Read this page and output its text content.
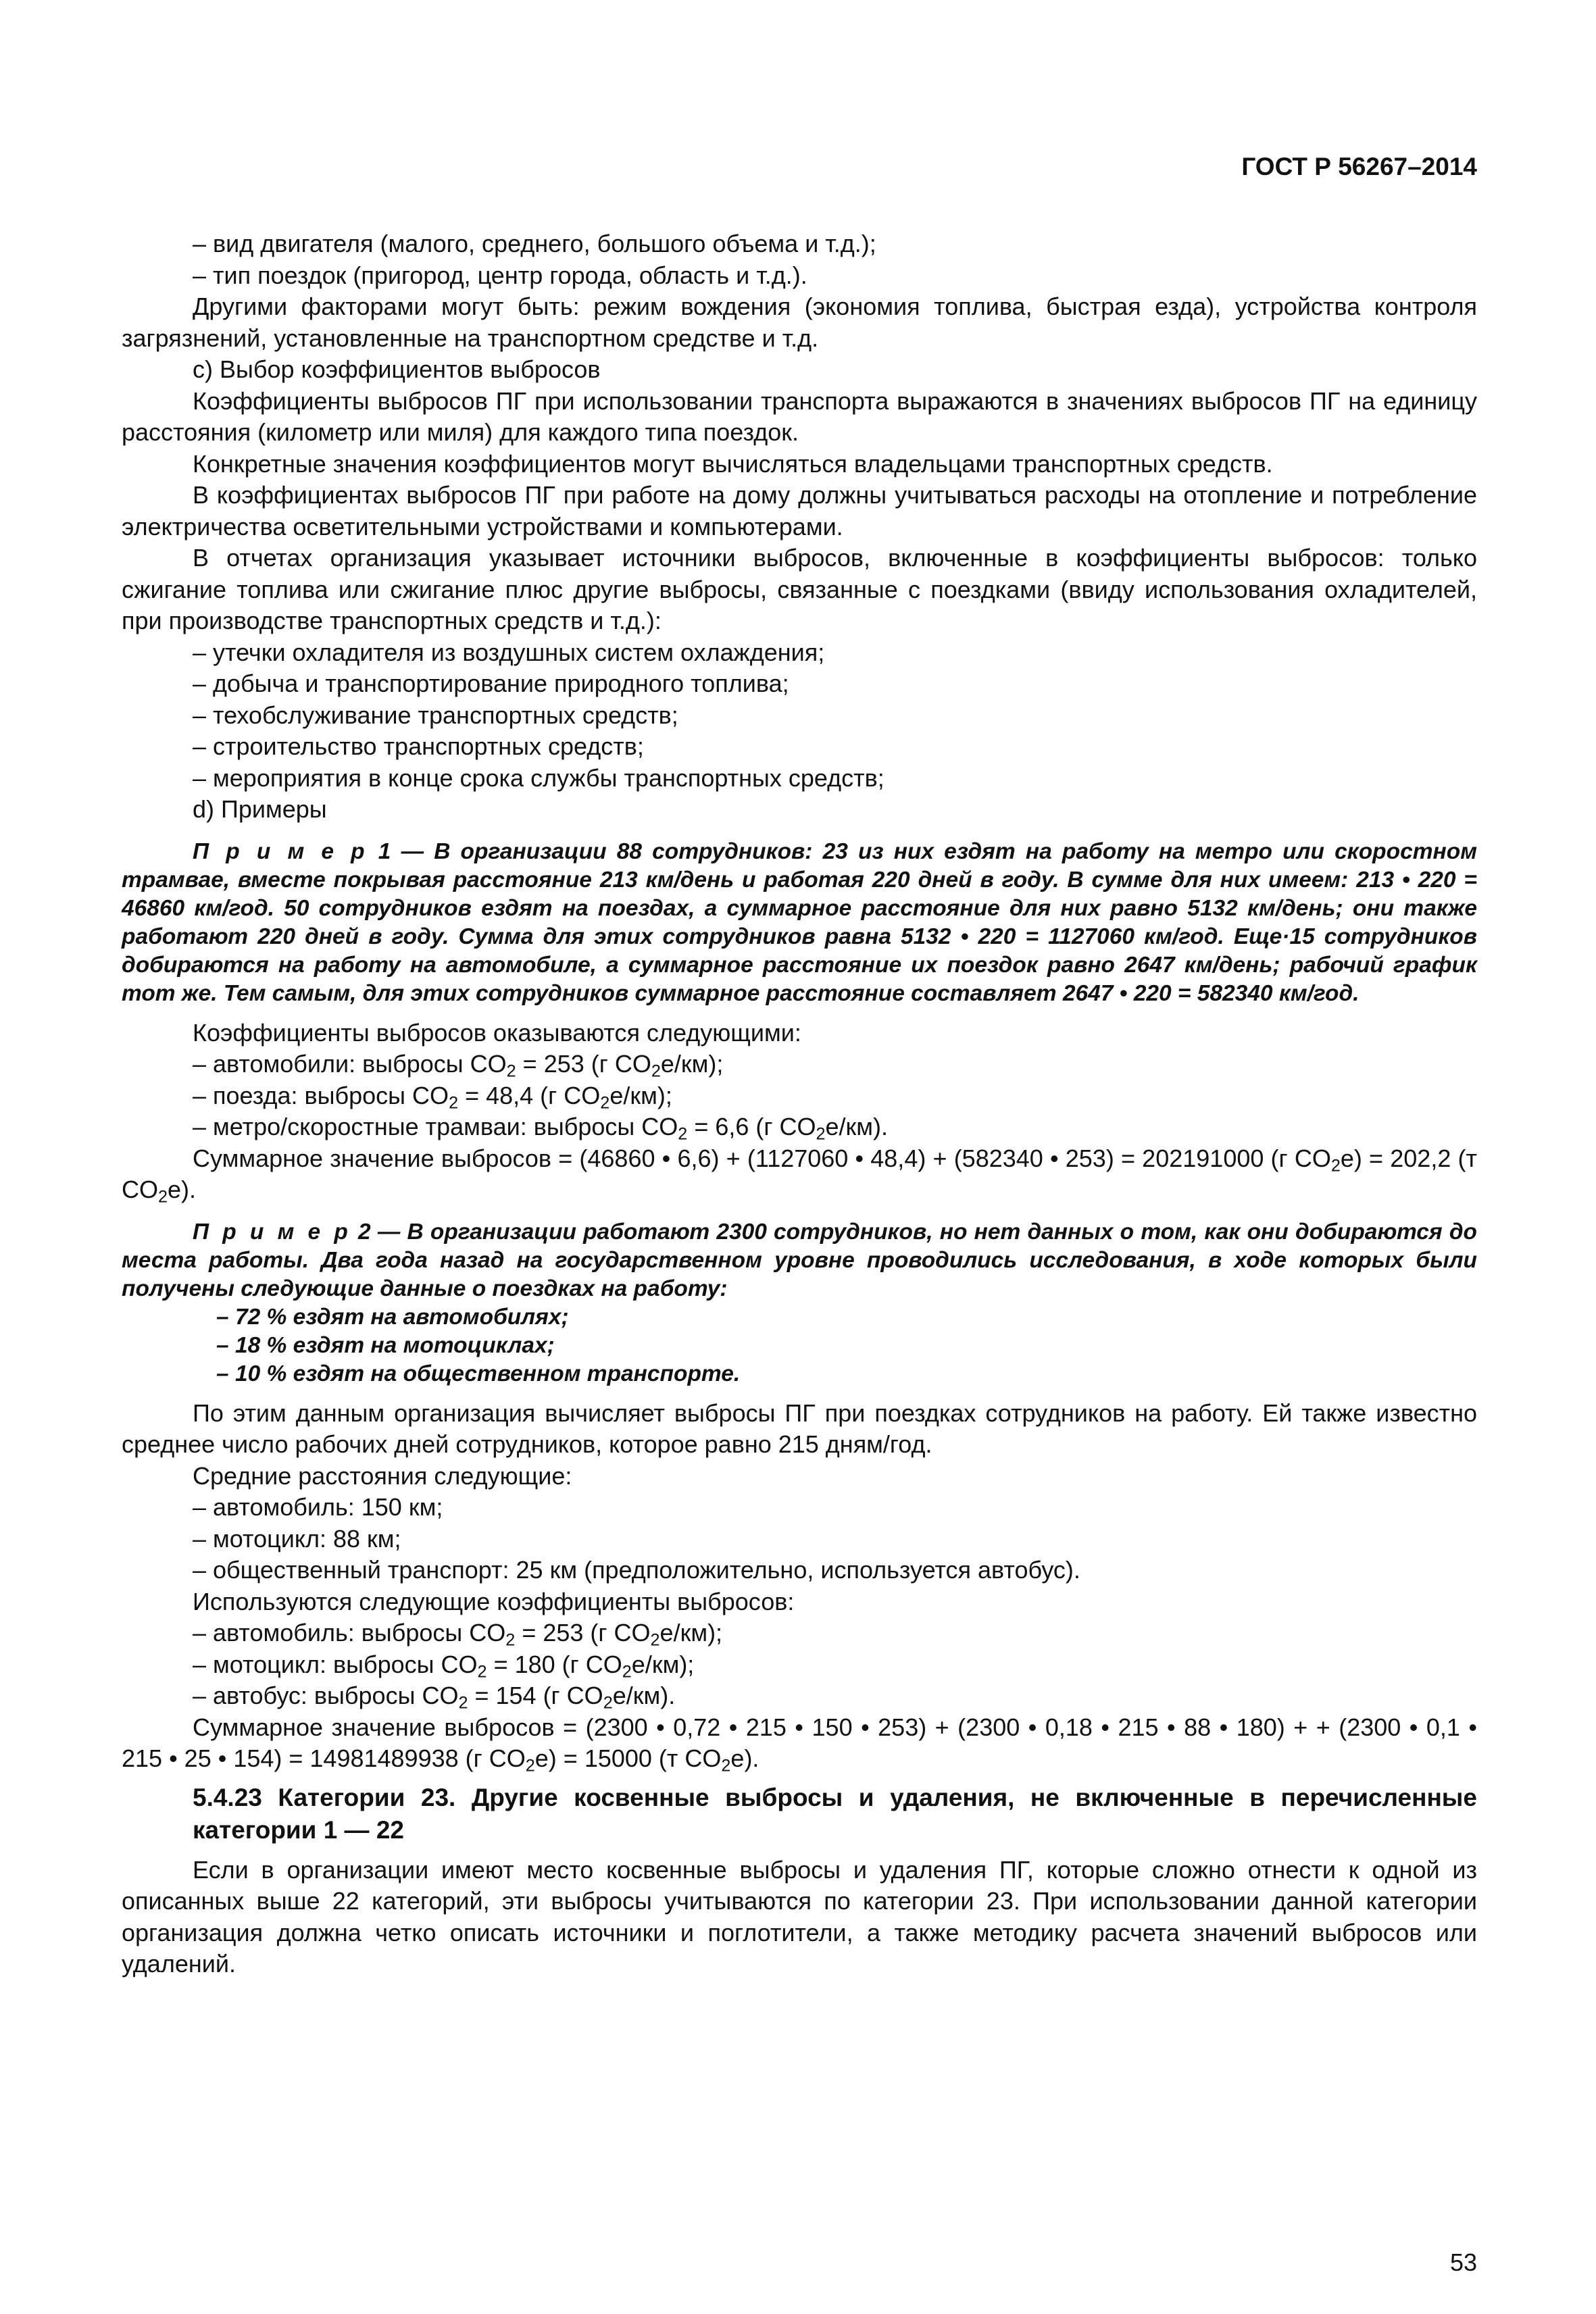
ГОСТ Р 56267–2014

– вид двигателя (малого, среднего, большого объема и т.д.);

– тип поездок (пригород, центр города, область и т.д.).

Другими факторами могут быть: режим вождения (экономия топлива, быстрая езда), устройства контроля загрязнений, установленные на транспортном средстве и т.д.

c) Выбор коэффициентов выбросов

Коэффициенты выбросов ПГ при использовании транспорта выражаются в значениях выбросов ПГ на единицу расстояния (километр или миля) для каждого типа поездок.

Конкретные значения коэффициентов могут вычисляться владельцами транспортных средств.

В коэффициентах выбросов ПГ при работе на дому должны учитываться расходы на отопление и потребление электричества осветительными устройствами и компьютерами.

В отчетах организация указывает источники выбросов, включенные в коэффициенты выбросов: только сжигание топлива или сжигание плюс другие выбросы, связанные с поездками (ввиду использования охладителей, при производстве транспортных средств и т.д.):

– утечки охладителя из воздушных систем охлаждения;

– добыча и транспортирование природного топлива;

– техобслуживание транспортных средств;

– строительство транспортных средств;

– мероприятия в конце срока службы транспортных средств;

d) Примеры

П р и м е р 1 — В организации 88 сотрудников: 23 из них ездят на работу на метро или скоростном трамвае, вместе покрывая расстояние 213 км/день и работая 220 дней в году. В сумме для них имеем: 213 • 220 = 46860 км/год. 50 сотрудников ездят на поездах, а суммарное расстояние для них равно 5132 км/день; они также работают 220 дней в году. Сумма для этих сотрудников равна 5132 • 220 = 1127060 км/год. Еще·15 сотрудников добираются на работу на автомобиле, а суммарное расстояние их поездок равно 2647 км/день; рабочий график тот же. Тем самым, для этих сотрудников суммарное расстояние составляет 2647 • 220 = 582340 км/год.

Коэффициенты выбросов оказываются следующими:

– автомобили: выбросы $CO_2 = 253$ (г $CO_2e/км$);

– поезда: выбросы $CO_2 = 48,4$ (г $CO_2e/км$);

– метро/скоростные трамваи: выбросы $CO_2 = 6,6$ (г $CO_2e/км$).

Суммарное значение выбросов = (46860 • 6,6) + (1127060 • 48,4) + (582340 • 253) = 202191000 (г $CO_2e) = 202,2$ (т $CO_2e$).

П р и м е р 2 — В организации работают 2300 сотрудников, но нет данных о том, как они добираются до места работы. Два года назад на государственном уровне проводились исследования, в ходе которых были получены следующие данные о поездках на работу:

– 72 % ездят на автомобилях;

– 18 % ездят на мотоциклах;

– 10 % ездят на общественном транспорте.

По этим данным организация вычисляет выбросы ПГ при поездках сотрудников на работу. Ей также известно среднее число рабочих дней сотрудников, которое равно 215 дням/год.

Средние расстояния следующие:

– автомобиль: 150 км;

– мотоцикл: 88 км;

– общественный транспорт: 25 км (предположительно, используется автобус).

Используются следующие коэффициенты выбросов:

– автомобиль: выбросы $CO_2 = 253$ (г $CO_2e/км$);

– мотоцикл: выбросы $CO_2 = 180$ (г $CO_2e/км$);

– автобус: выбросы $CO_2 = 154$ (г $CO_2e/км$).

Суммарное значение выбросов = (2300 • 0,72 • 215 • 150 • 253) + (2300 • 0,18 • 215 • 88 • 180) + + (2300 • 0,1 • 215 • 25 • 154) = 14981489938 (г $CO_2e) = 15000$ (т $CO_2e$).

5.4.23 Категории 23. Другие косвенные выбросы и удаления, не включенные в перечисленные категории 1 — 22

Если в организации имеют место косвенные выбросы и удаления ПГ, которые сложно отнести к одной из описанных выше 22 категорий, эти выбросы учитываются по категории 23. При использовании данной категории организация должна четко описать источники и поглотители, а также методику расчета значений выбросов или удалений.

53
